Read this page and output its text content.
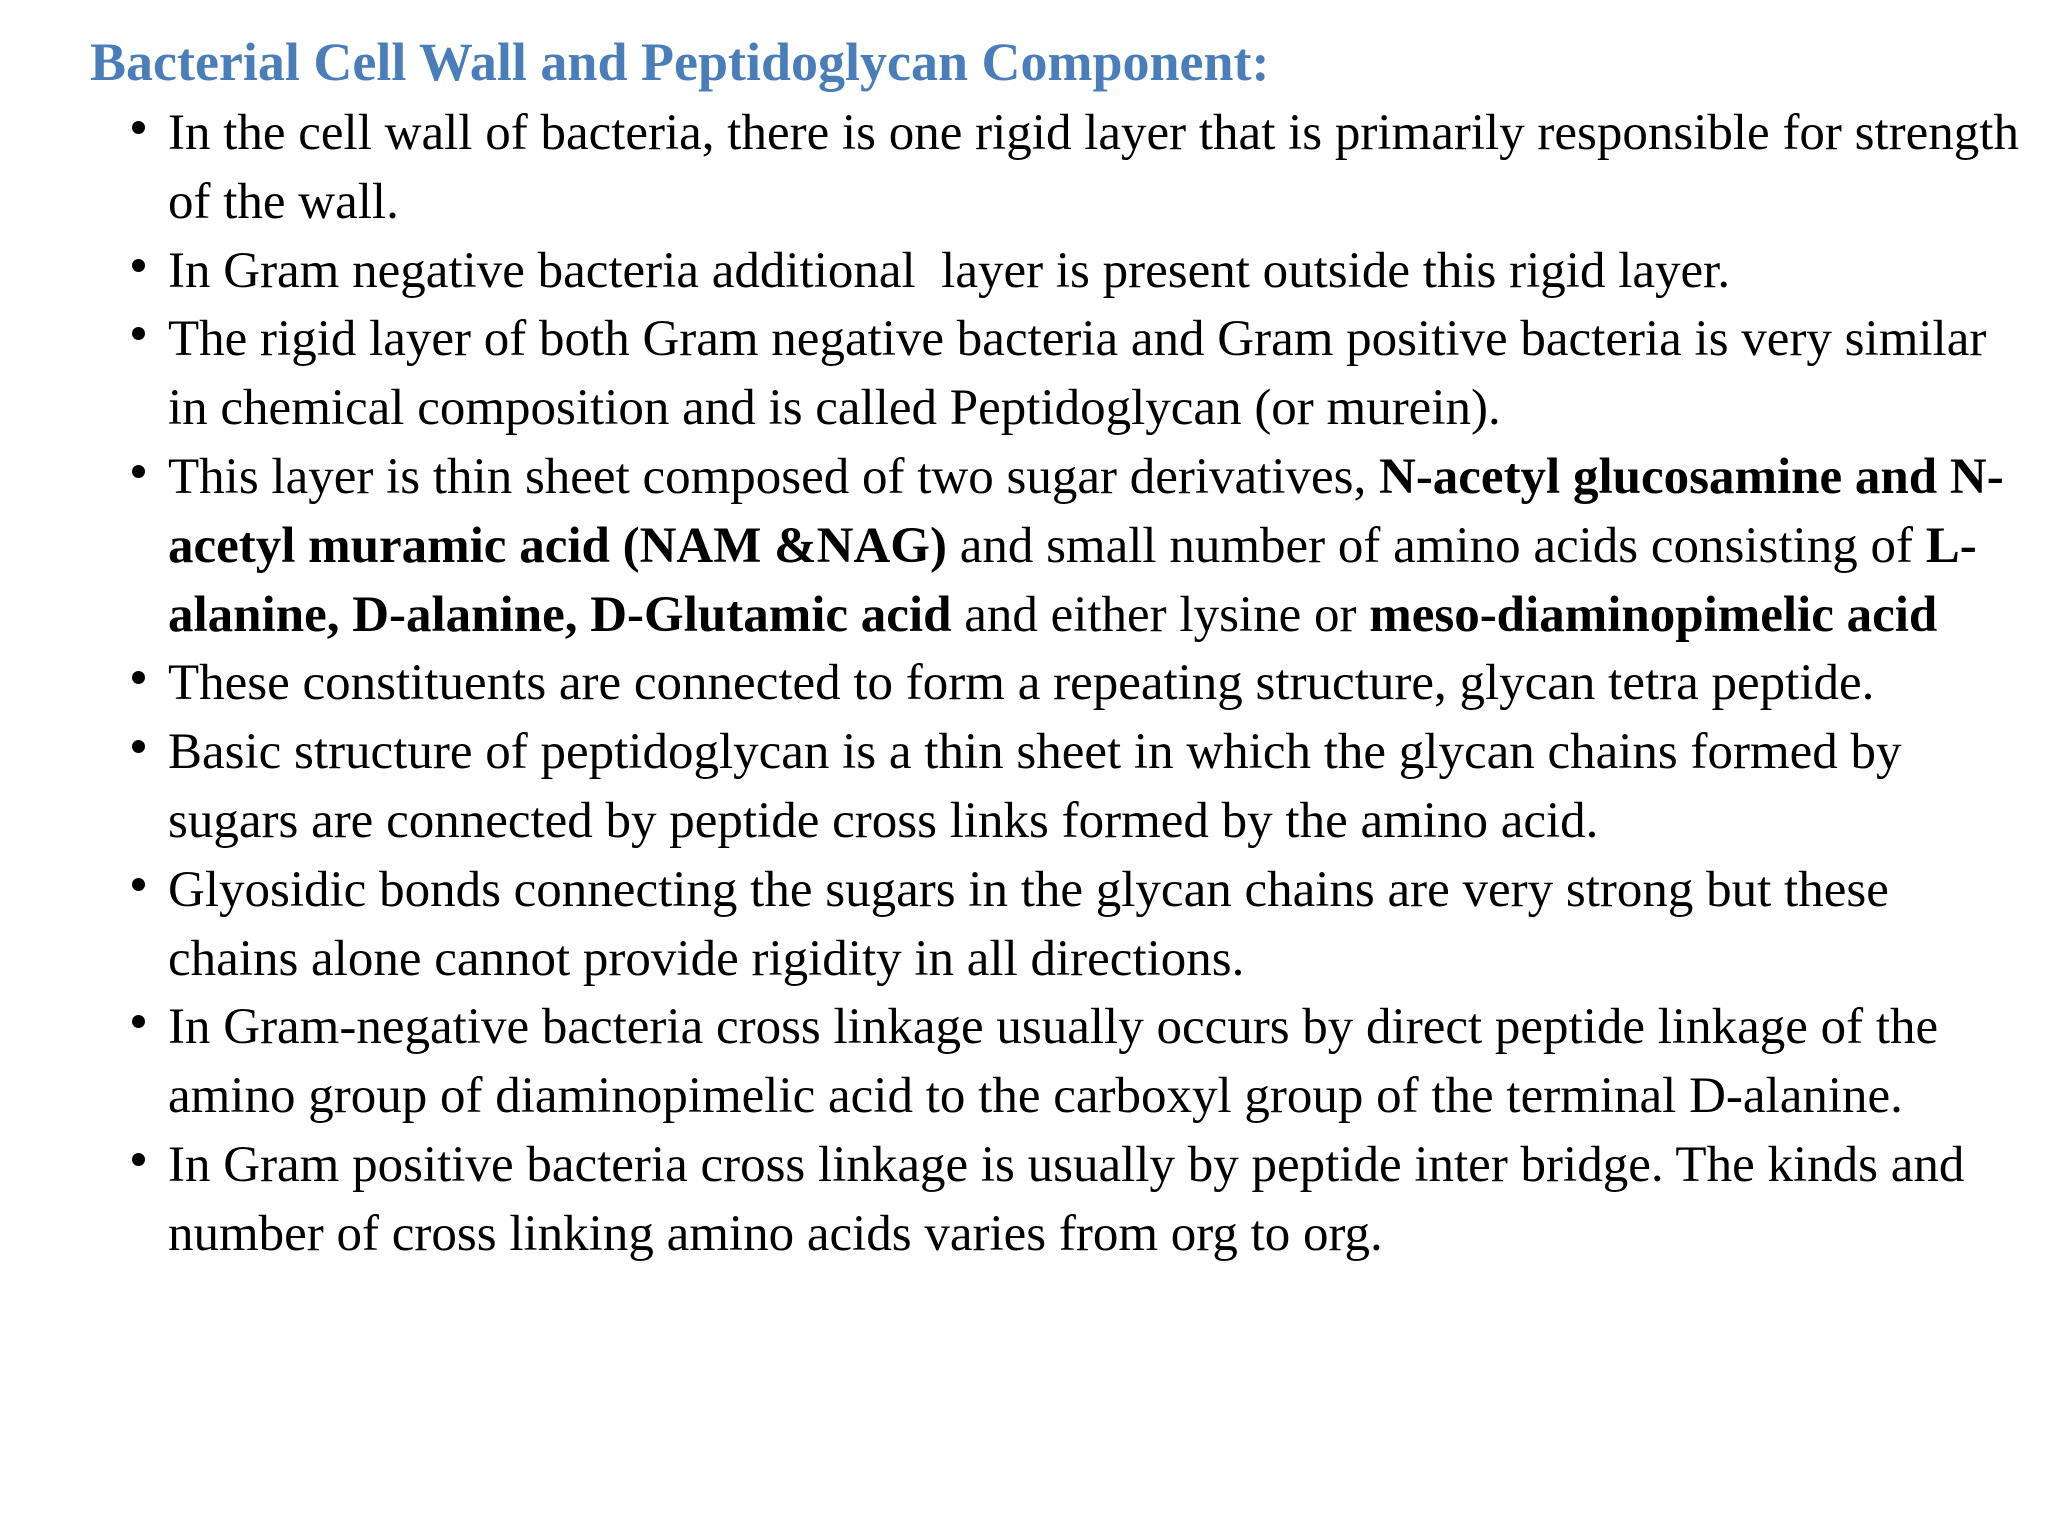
Bacterial Cell Wall and Peptidoglycan Component:
In the cell wall of bacteria, there is one rigid layer that is primarily responsible for strength of the wall.
In Gram negative bacteria additional  layer is present outside this rigid layer.
The rigid layer of both Gram negative bacteria and Gram positive bacteria is very similar in chemical composition and is called Peptidoglycan (or murein).
This layer is thin sheet composed of two sugar derivatives, N-acetyl glucosamine and N-acetyl muramic acid (NAM &NAG) and small number of amino acids consisting of L-alanine, D-alanine, D-Glutamic acid and either lysine or meso-diaminopimelic acid
These constituents are connected to form a repeating structure, glycan tetra peptide.
Basic structure of peptidoglycan is a thin sheet in which the glycan chains formed by sugars are connected by peptide cross links formed by the amino acid.
Glyosidic bonds connecting the sugars in the glycan chains are very strong but these chains alone cannot provide rigidity in all directions.
In Gram-negative bacteria cross linkage usually occurs by direct peptide linkage of the amino group of diaminopimelic acid to the carboxyl group of the terminal D-alanine.
In Gram positive bacteria cross linkage is usually by peptide inter bridge. The kinds and number of cross linking amino acids varies from org to org.
